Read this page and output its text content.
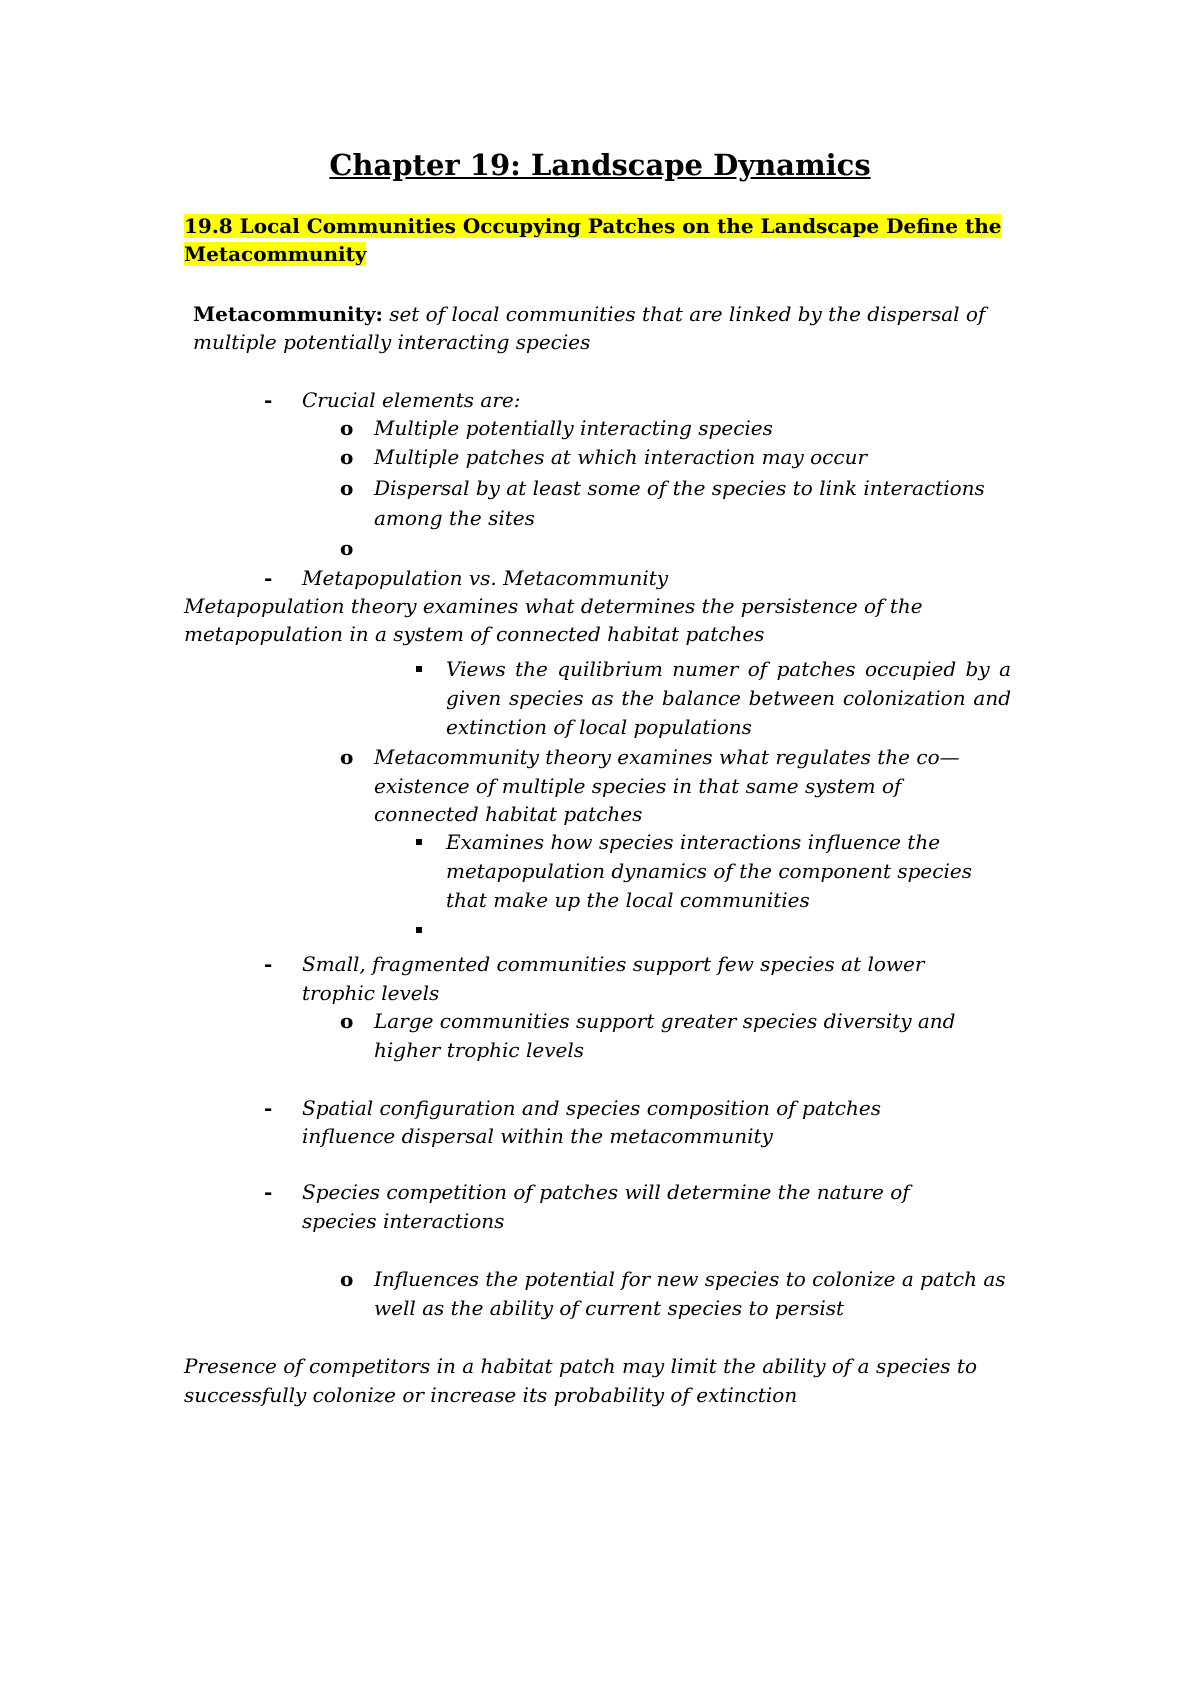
Chapter 19: Landscape Dynamics
19.8 Local Communities Occupying Patches on the Landscape Define the
Metacommunity
Metacommunity: set of local communities that are linked by the dispersal of
multiple potentially interacting species
- Crucial elements are:
o Multiple potentially interacting species
o Multiple patches at which interaction may occur
o Dispersal by at least some of the species to link interactions
among the sites
o
- Metapopulation vs. Metacommunity
Metapopulation theory examines what determines the persistence of the
metapopulation in a system of connected habitat patches
Views the quilibrium numer of patches occupied by a
given species as the balance between colonization and
extinction of local populations
o Metacommunity theory examines what regulates the co—
existence of multiple species in that same system of
connected habitat patches
Examines how species interactions influence the
metapopulation dynamics of the component species
that make up the local communities
- Small, fragmented communities support few species at lower
trophic levels
o Large communities support greater species diversity and
higher trophic levels
- Spatial configuration and species composition of patches
influence dispersal within the metacommunity
- Species competition of patches will determine the nature of
species interactions
o Influences the potential for new species to colonize a patch as
well as the ability of current species to persist
Presence of competitors in a habitat patch may limit the ability of a species to
successfully colonize or increase its probability of extinction
